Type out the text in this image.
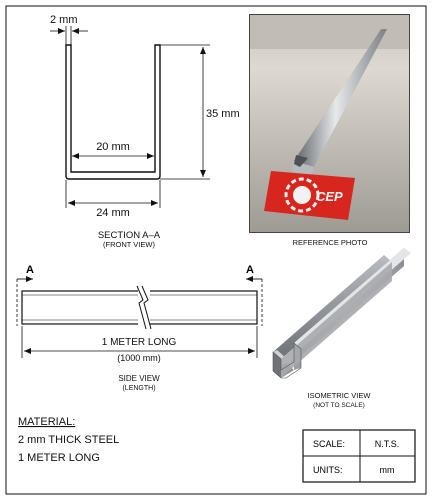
2 mm
20 mm
35 mm
24 mm
SECTION A–A
(FRONT VIEW)	REFERENCE PHOTO
A	A
1 METER LONG
(1000 mm)
SIDE VIEW
(LENGTH)
ISOMETRIC VIEW
(NOT TO SCALE)
MATERIAL:
2 mm THICK STEEL
1 METER LONG
SCALE:	N.T.S.
UNITS:	mm
CEP
